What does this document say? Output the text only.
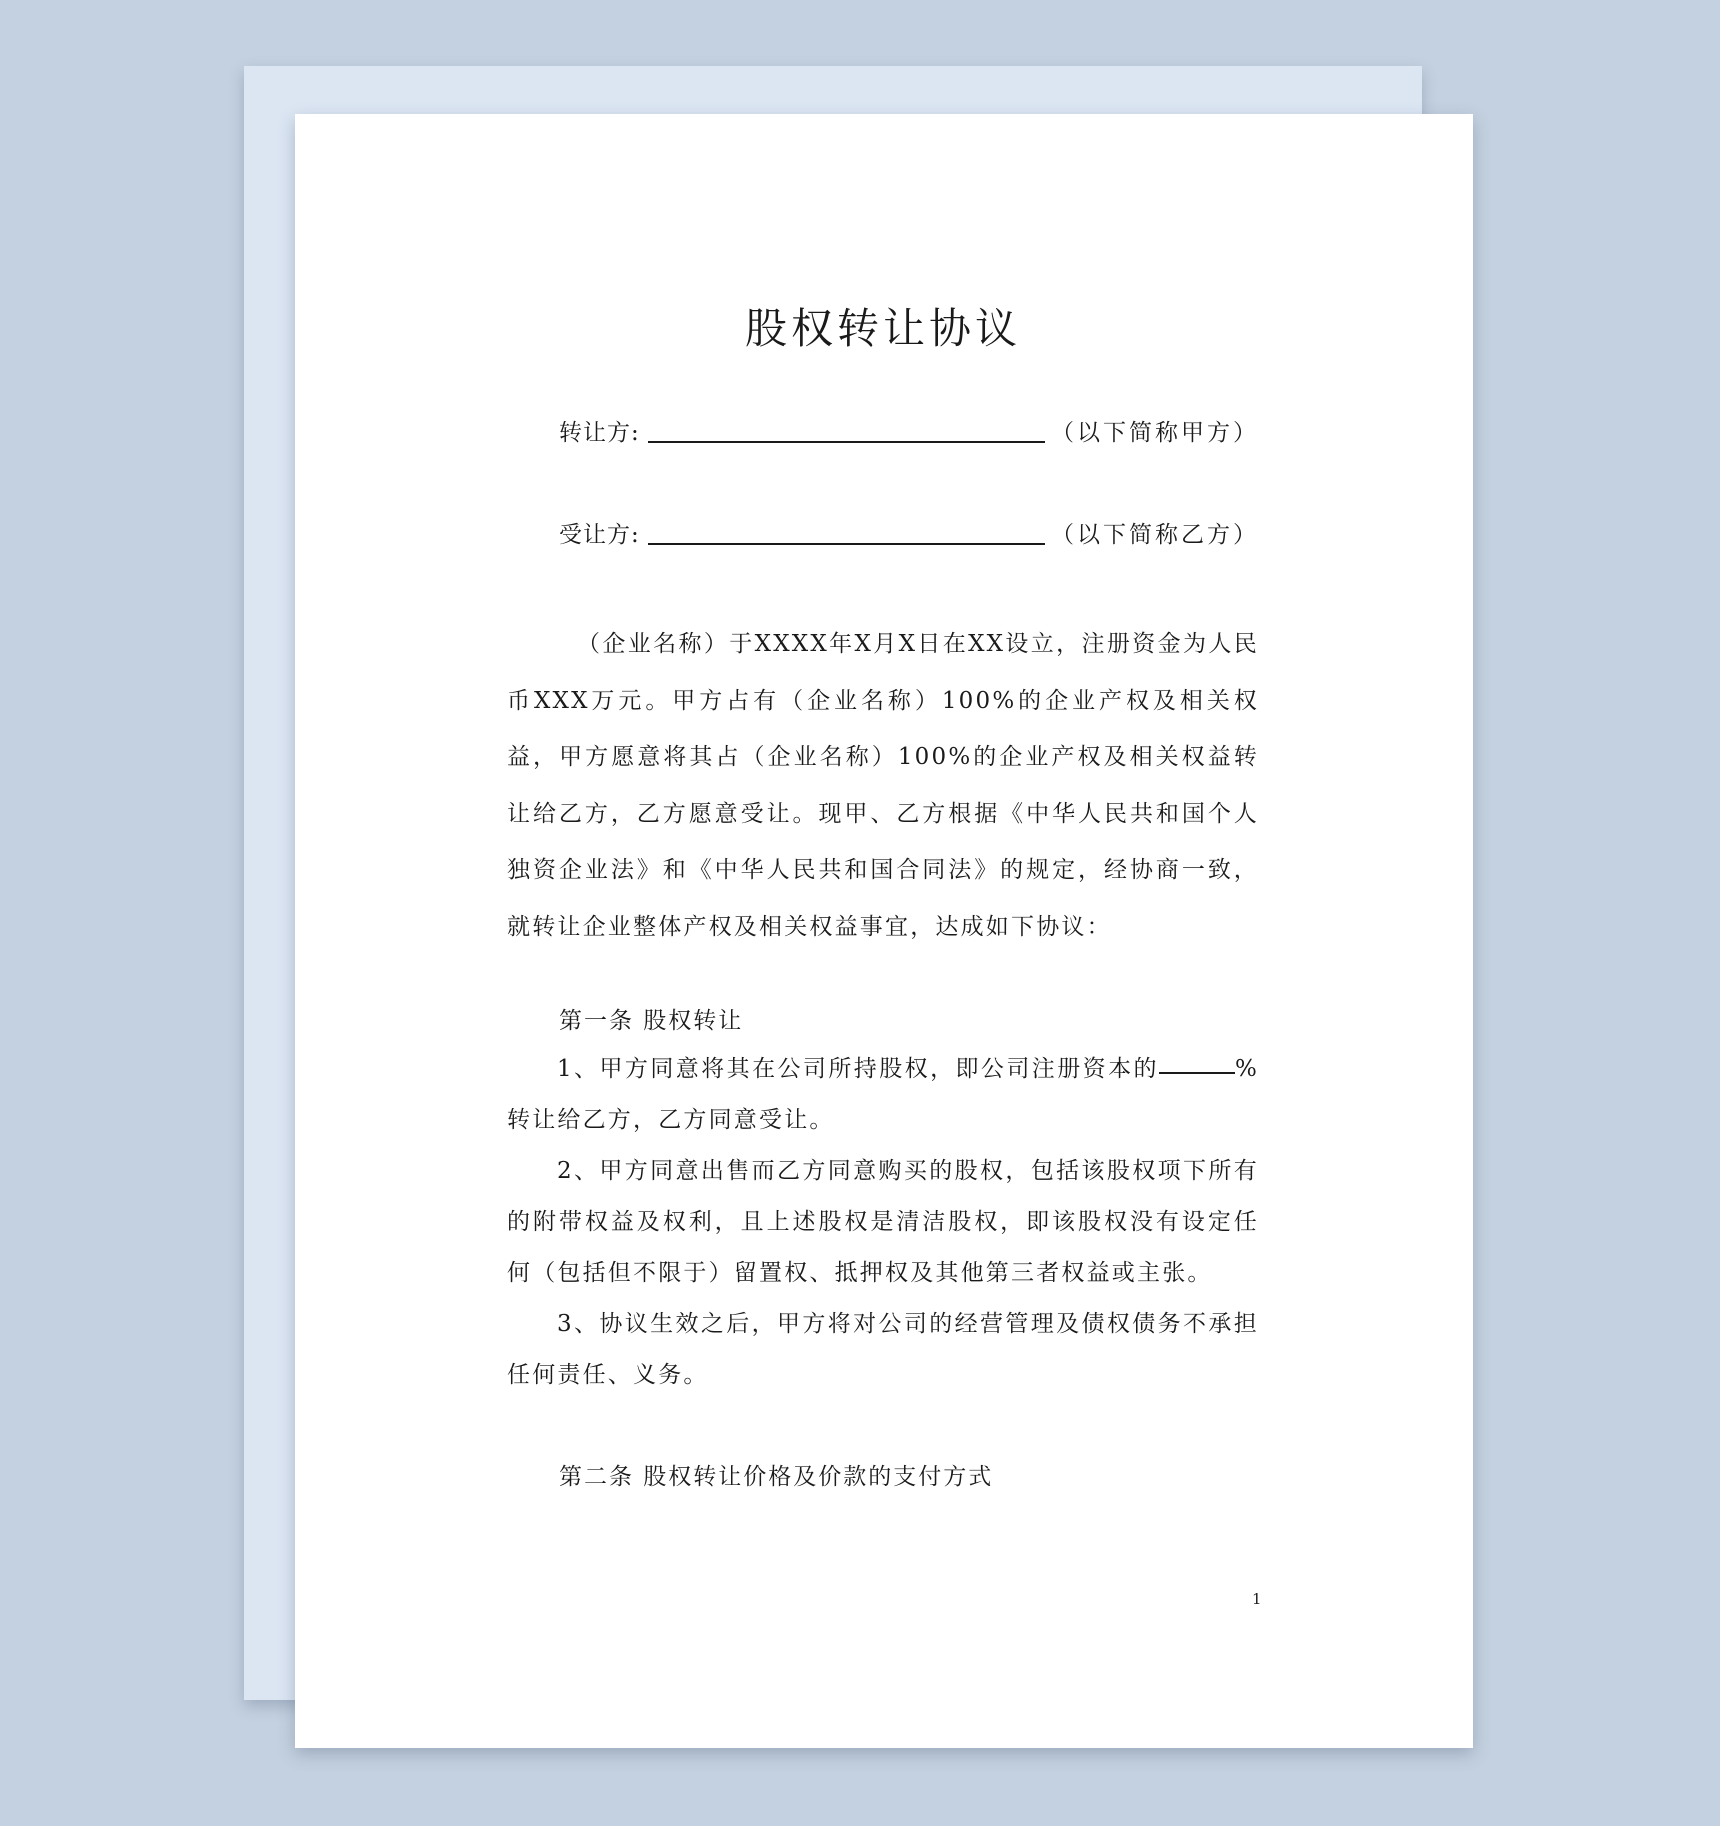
股权转让协议
转让方:	（以下简称甲方）
受让方:	（以下简称乙方）

（企业名称）于XXXX年X月X日在XX设立，注册资金为人民币XXX万元。甲方占有（企业名称）100%的企业产权及相关权益，甲方愿意将其占（企业名称）100%的企业产权及相关权益转让给乙方，乙方愿意受让。现甲、乙方根据《中华人民共和国个人独资企业法》和《中华人民共和国合同法》的规定，经协商一致，就转让企业整体产权及相关权益事宜，达成如下协议：

第一条 股权转让

1、甲方同意将其在公司所持股权，即公司注册资本的	%转让给乙方，乙方同意受让。

2、甲方同意出售而乙方同意购买的股权，包括该股权项下所有的附带权益及权利，且上述股权是清洁股权，即该股权没有设定任何（包括但不限于）留置权、抵押权及其他第三者权益或主张。

3、协议生效之后，甲方将对公司的经营管理及债权债务不承担任何责任、义务。

第二条 股权转让价格及价款的支付方式
1
